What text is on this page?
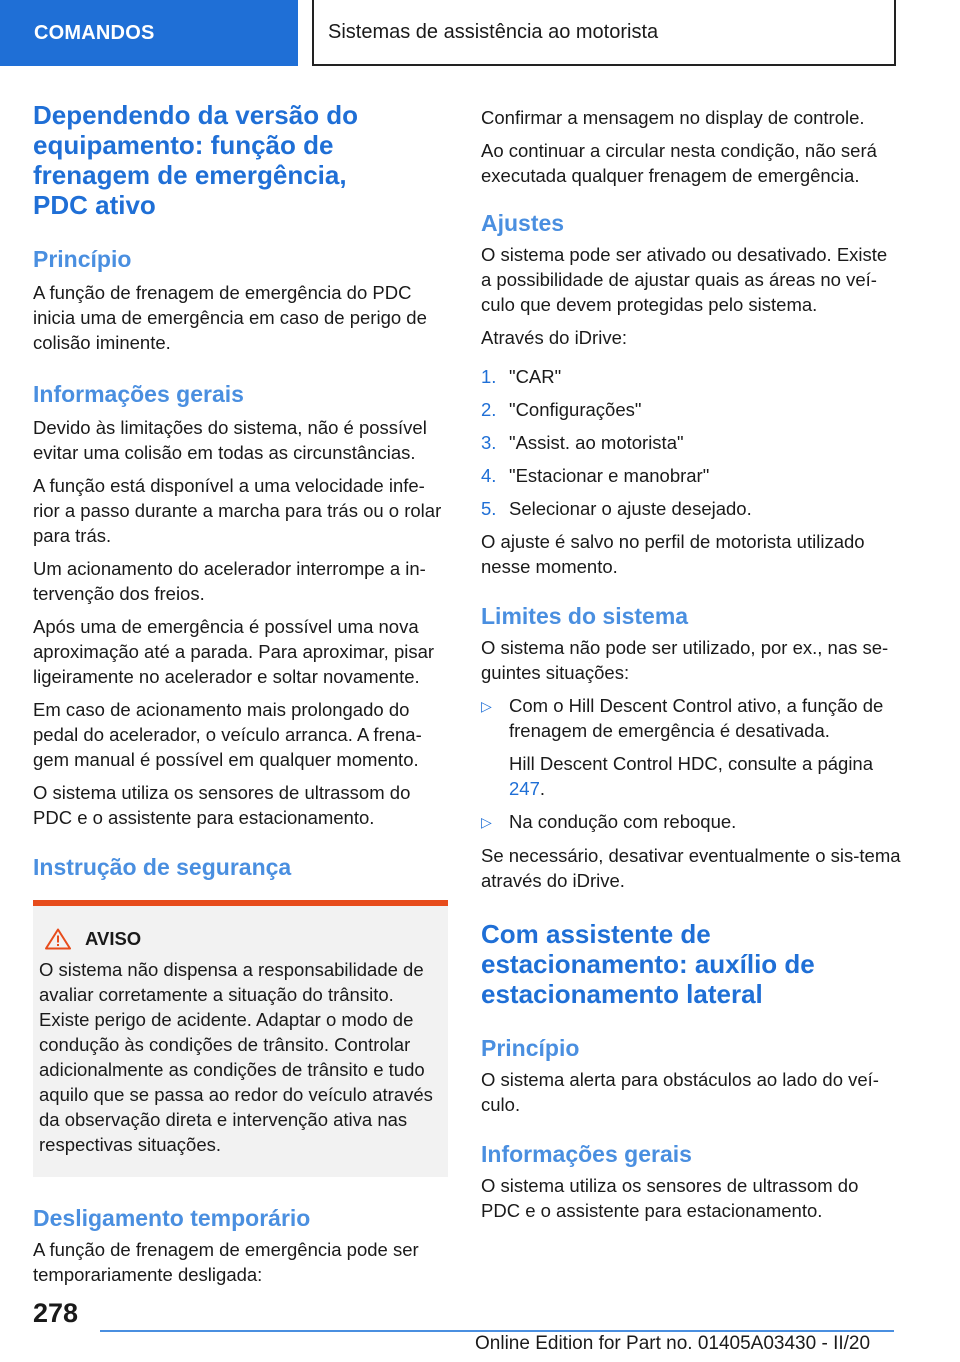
COMANDOS	Sistemas de assistência ao motorista
Dependendo da versão do
equipamento: função de
frenagem de emergência,
PDC ativo
Princípio

A função de frenagem de emergência do PDC inicia uma de emergência em caso de perigo de colisão iminente.

Informações gerais

Devido às limitações do sistema, não é possível evitar uma colisão em todas as circunstâncias.

A função está disponível a uma velocidade infe‐rior a passo durante a marcha para trás ou o rolar para trás.

Um acionamento do acelerador interrompe a in‐tervenção dos freios.

Após uma de emergência é possível uma nova aproximação até a parada. Para aproximar, pisar ligeiramente no acelerador e soltar novamente.

Em caso de acionamento mais prolongado do pedal do acelerador, o veículo arranca. A frena‐gem manual é possível em qualquer momento.

O sistema utiliza os sensores de ultrassom do PDC e o assistente para estacionamento.

Instrução de segurança
AVISO

O sistema não dispensa a responsabilidade de avaliar corretamente a situação do trânsito. Existe perigo de acidente. Adaptar o modo de condução às condições de trânsito. Controlar adicionalmente as condições de trânsito e tudo aquilo que se passa ao redor do veículo através da observação direta e intervenção ativa nas respectivas situações.

Desligamento temporário

A função de frenagem de emergência pode ser temporariamente desligada:

Confirmar a mensagem no display de controle.

Ao continuar a circular nesta condição, não será executada qualquer frenagem de emergência.

Ajustes

O sistema pode ser ativado ou desativado. Existe a possibilidade de ajustar quais as áreas no veí‐culo que devem protegidas pelo sistema.

Através do iDrive:

1. "CAR"
2. "Configurações"
3. "Assist. ao motorista"
4. "Estacionar e manobrar"
5. Selecionar o ajuste desejado.

O ajuste é salvo no perfil de motorista utilizado nesse momento.

Limites do sistema

O sistema não pode ser utilizado, por ex., nas se‐guintes situações:

▷ Com o Hill Descent Control ativo, a função de frenagem de emergência é desativada.

Hill Descent Control HDC, consulte a página
247.

▷ Na condução com reboque.

Se necessário, desativar eventualmente o sis‐tema através do iDrive.

Com assistente de
estacionamento: auxílio de
estacionamento lateral
Princípio

O sistema alerta para obstáculos ao lado do veí‐culo.

Informações gerais

O sistema utiliza os sensores de ultrassom do PDC e o assistente para estacionamento.

278
Online Edition for Part no. 01405A03430 - II/20
